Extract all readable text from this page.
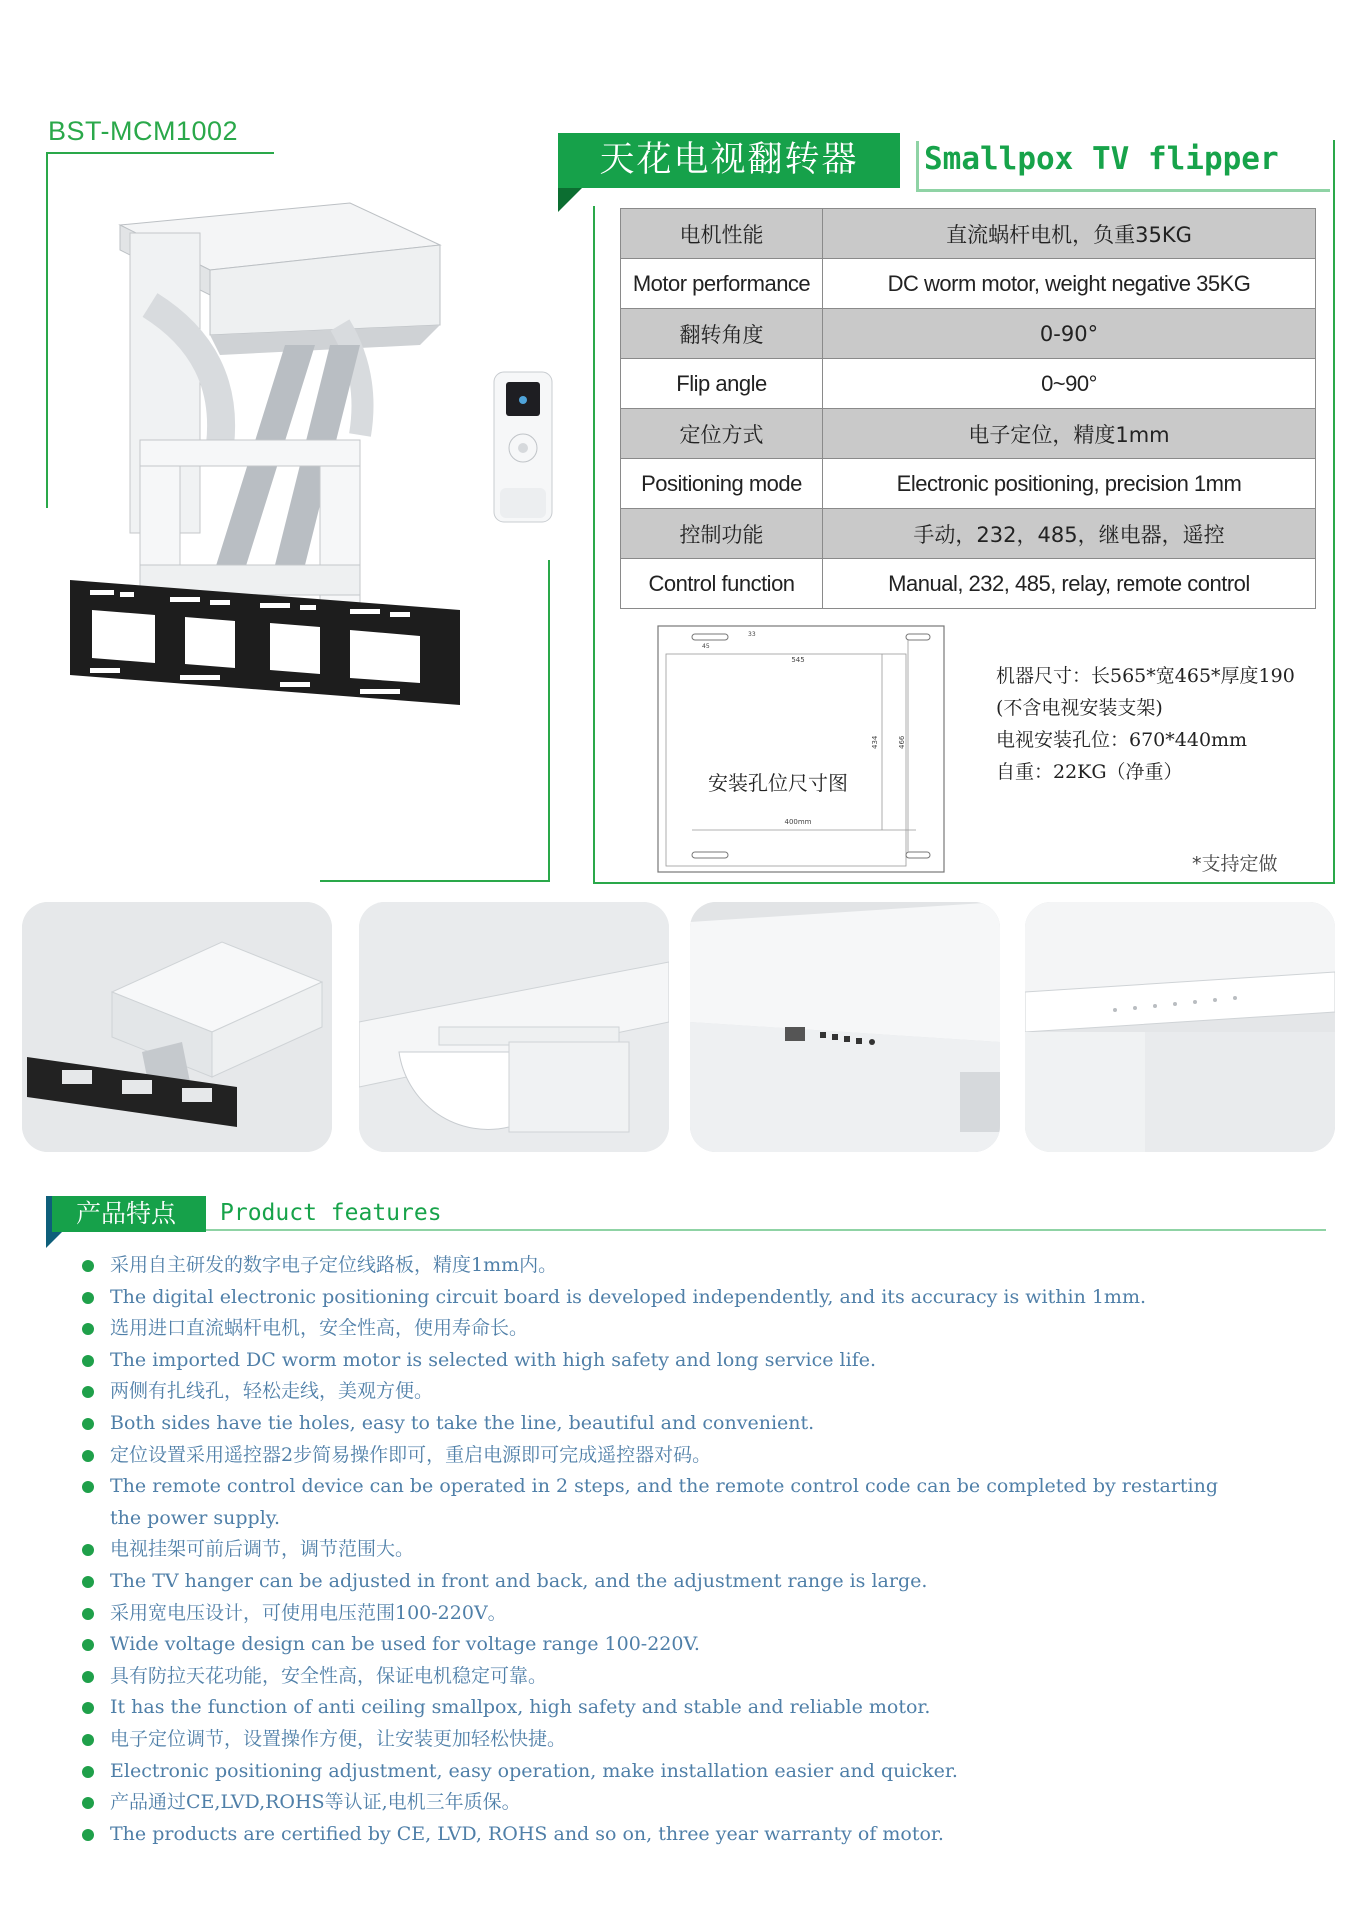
BST-MCM1002
天花电视翻转器	Smallpox TV flipper
电机性能	直流蜗杆电机，负重35KG
Motor performance	DC worm motor, weight negative 35KG
翻转角度	0-90°
Flip angle	0~90°
定位方式	电子定位，精度1mm
Positioning mode	Electronic positioning, precision 1mm
控制功能	手动，232，485，继电器，遥控
Control function	Manual, 232, 485, relay, remote control
545
400mm
45
33
434	466
安装孔位尺寸图
机器尺寸：长565*宽465*厚度190
(不含电视安装支架)
电视安装孔位：670*440mm
自重：22KG（净重）
*支持定做
产品特点	Product features
采用自主研发的数字电子定位线路板，精度1mm内。
The digital electronic positioning circuit board is developed independently, and its accuracy is within 1mm.
选用进口直流蜗杆电机，安全性高，使用寿命长。
The imported DC worm motor is selected with high safety and long service life.
两侧有扎线孔，轻松走线，美观方便。
Both sides have tie holes, easy to take the line, beautiful and convenient.
定位设置采用遥控器2步简易操作即可，重启电源即可完成遥控器对码。
The remote control device can be operated in 2 steps, and the remote control code can be completed by restarting
the power supply.
电视挂架可前后调节，调节范围大。
The TV hanger can be adjusted in front and back, and the adjustment range is large.
采用宽电压设计，可使用电压范围100-220V。
Wide voltage design can be used for voltage range 100-220V.
具有防拉天花功能，安全性高，保证电机稳定可靠。
It has the function of anti ceiling smallpox, high safety and stable and reliable motor.
电子定位调节，设置操作方便，让安装更加轻松快捷。
Electronic positioning adjustment, easy operation, make installation easier and quicker.
产品通过CE,LVD,ROHS等认证,电机三年质保。
The products are certified by CE, LVD, ROHS and so on, three year warranty of motor.
